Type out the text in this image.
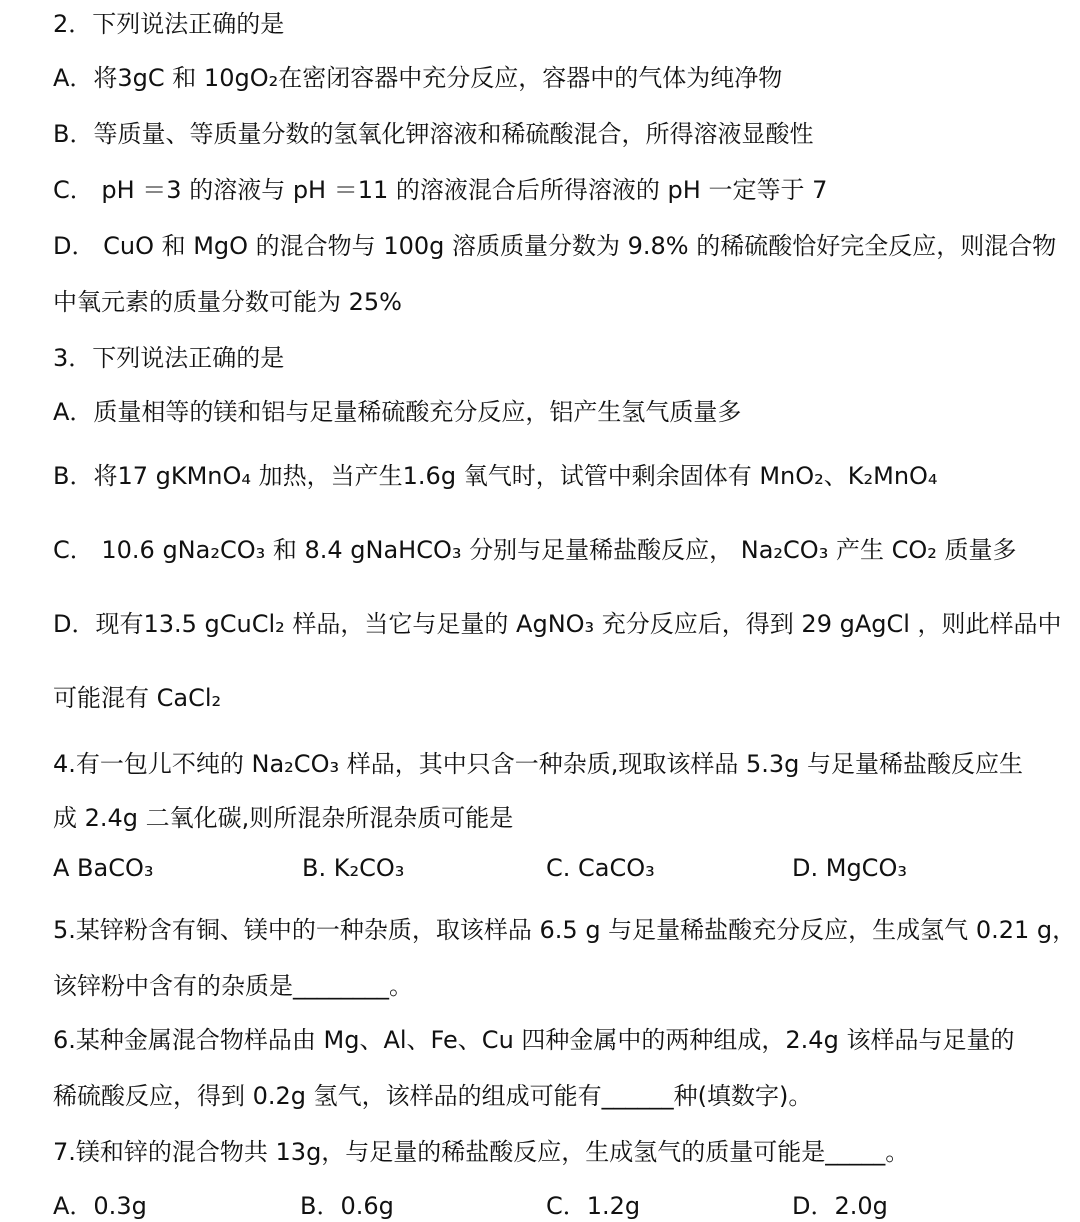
2．下列说法正确的是
A．将3gC 和 10gO₂在密闭容器中充分反应，容器中的气体为纯净物
B．等质量、等质量分数的氢氧化钾溶液和稀硫酸混合，所得溶液显酸性
C． pH ＝3 的溶液与 pH ＝11 的溶液混合后所得溶液的 pH 一定等于 7
D． CuO 和 MgO 的混合物与 100g 溶质质量分数为 9.8% 的稀硫酸恰好完全反应，则混合物
中氧元素的质量分数可能为 25%
3．下列说法正确的是
A．质量相等的镁和铝与足量稀硫酸充分反应，铝产生氢气质量多
B．将17 gKMnO₄ 加热，当产生1.6g 氧气时，试管中剩余固体有 MnO₂、K₂MnO₄
C． 10.6 gNa₂CO₃ 和 8.4 gNaHCO₃ 分别与足量稀盐酸反应， Na₂CO₃ 产生 CO₂ 质量多
D．现有13.5 gCuCl₂ 样品，当它与足量的 AgNO₃ 充分反应后，得到 29 gAgCl ，则此样品中
可能混有 CaCl₂
4.有一包儿不纯的 Na₂CO₃ 样品，其中只含一种杂质,现取该样品 5.3g 与足量稀盐酸反应生
成 2.4g 二氧化碳,则所混杂所混杂质可能是
A BaCO₃	B. K₂CO₃	C. CaCO₃	D. MgCO₃
5.某锌粉含有铜、镁中的一种杂质，取该样品 6.5 g 与足量稀盐酸充分反应，生成氢气 0.21 g，
该锌粉中含有的杂质是________。
6.某种金属混合物样品由 Mg、Al、Fe、Cu 四种金属中的两种组成，2.4g 该样品与足量的
稀硫酸反应，得到 0.2g 氢气，该样品的组成可能有______种(填数字)。
7.镁和锌的混合物共 13g，与足量的稀盐酸反应，生成氢气的质量可能是_____。
A．0.3g	B．0.6g	C．1.2g	D．2.0g
